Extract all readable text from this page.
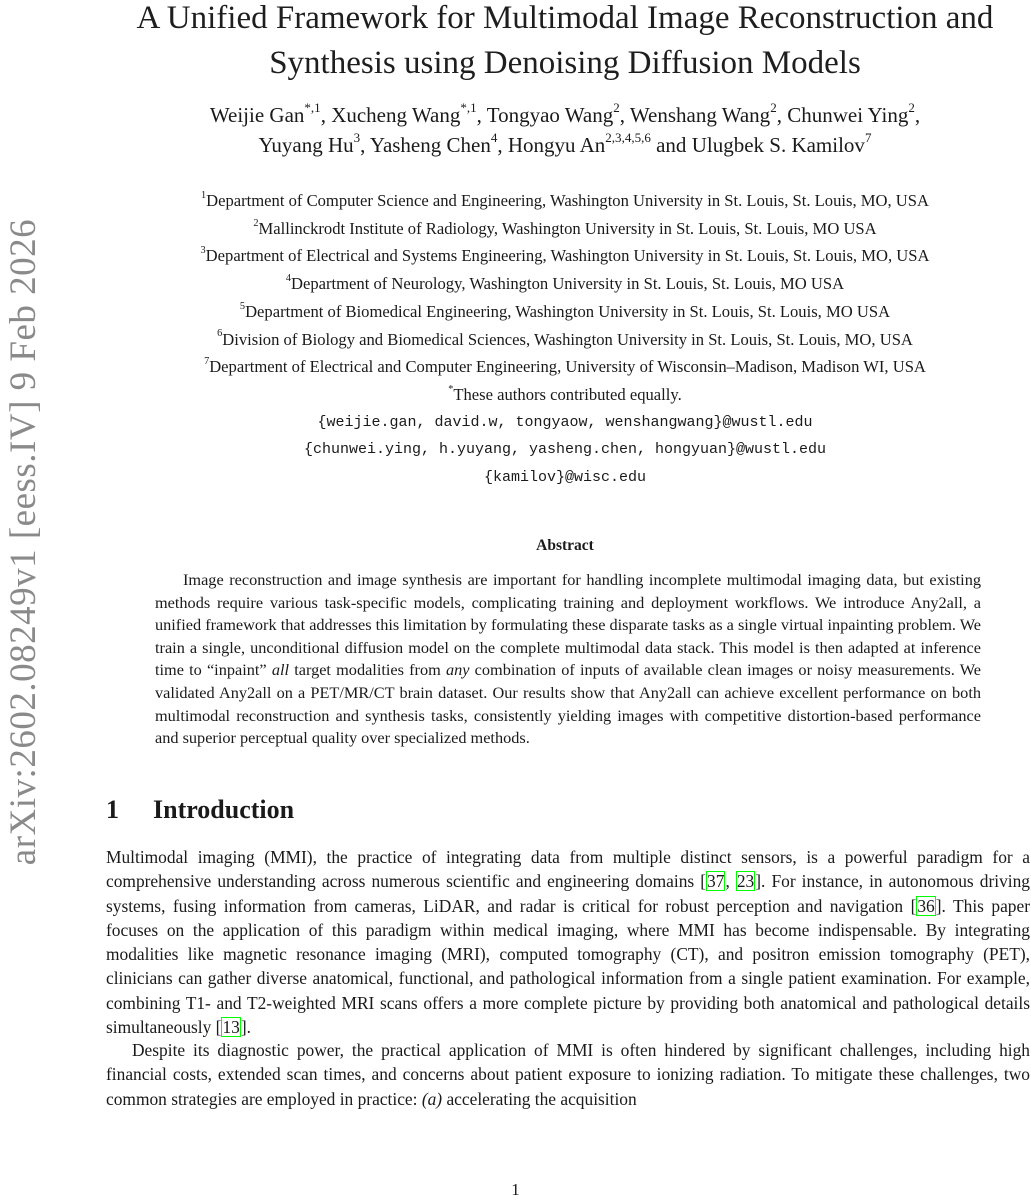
arXiv:2602.08249v1 [eess.IV] 9 Feb 2026
A Unified Framework for Multimodal Image Reconstruction and
Synthesis using Denoising Diffusion Models
Weijie Gan$^{*,1}$, Xucheng Wang$^{*,1}$, Tongyao Wang$^2$, Wenshang Wang$^2$, Chunwei Ying$^2$,
Yuyang Hu$^3$, Yasheng Chen$^4$, Hongyu An$^{2,3,4,5,6}$ and Ulugbek S. Kamilov$^7$
$^1$Department of Computer Science and Engineering, Washington University in St. Louis, St. Louis, MO, USA
$^2$Mallinckrodt Institute of Radiology, Washington University in St. Louis, St. Louis, MO USA
$^3$Department of Electrical and Systems Engineering, Washington University in St. Louis, St. Louis, MO, USA
$^4$Department of Neurology, Washington University in St. Louis, St. Louis, MO USA
$^5$Department of Biomedical Engineering, Washington University in St. Louis, St. Louis, MO USA
$^6$Division of Biology and Biomedical Sciences, Washington University in St. Louis, St. Louis, MO, USA
$^7$Department of Electrical and Computer Engineering, University of Wisconsin–Madison, Madison WI, USA
*These authors contributed equally.
{weijie.gan, david.w, tongyaow, wenshangwang}@wustl.edu
{chunwei.ying, h.yuyang, yasheng.chen, hongyuan}@wustl.edu
{kamilov}@wisc.edu
Abstract
Image reconstruction and image synthesis are important for handling incomplete multimodal imaging data, but existing methods require various task-specific models, complicating training and deployment workflows. We introduce Any2all, a unified framework that addresses this limitation by formulating these disparate tasks as a single virtual inpainting problem. We train a single, unconditional diffusion model on the complete multimodal data stack. This model is then adapted at inference time to “inpaint” all target modalities from any combination of inputs of available clean images or noisy measurements. We validated Any2all on a PET/MR/CT brain dataset. Our results show that Any2all can achieve excellent performance on both multimodal reconstruction and synthesis tasks, consistently yielding images with competitive distortion-based performance and superior perceptual quality over specialized methods.
1 Introduction
Multimodal imaging (MMI), the practice of integrating data from multiple distinct sensors, is a powerful paradigm for a comprehensive understanding across numerous scientific and engineering domains [37, 23]. For instance, in autonomous driving systems, fusing information from cameras, LiDAR, and radar is critical for robust perception and navigation [36]. This paper focuses on the application of this paradigm within medical imaging, where MMI has become indispensable. By integrating modalities like magnetic resonance imaging (MRI), computed tomography (CT), and positron emission tomography (PET), clinicians can gather diverse anatomical, functional, and pathological information from a single patient examination. For example, combining T1- and T2-weighted MRI scans offers a more complete picture by providing both anatomical and pathological details simultaneously [13].
Despite its diagnostic power, the practical application of MMI is often hindered by significant challenges, including high financial costs, extended scan times, and concerns about patient exposure to ionizing radiation. To mitigate these challenges, two common strategies are employed in practice: (a) accelerating the acquisition
1
